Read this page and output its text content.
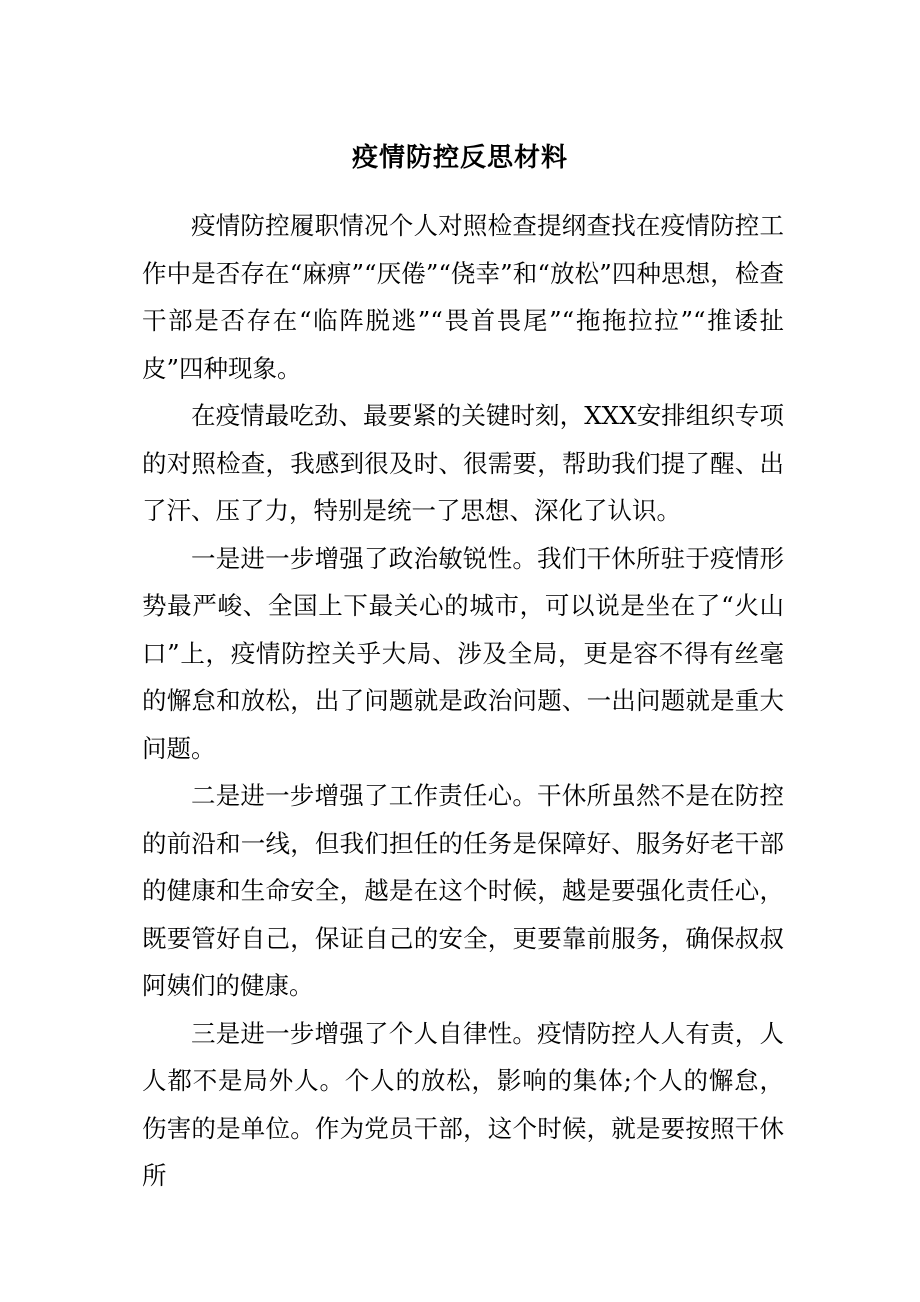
疫情防控反思材料

疫情防控履职情况个人对照检查提纲查找在疫情防控工作中是否存在“麻痹”“厌倦”“侥幸”和“放松”四种思想，检查干部是否存在“临阵脱逃”“畏首畏尾”“拖拖拉拉”“推诿扯皮”四种现象。

在疫情最吃劲、最要紧的关键时刻，XXX安排组织专项的对照检查，我感到很及时、很需要，帮助我们提了醒、出了汗、压了力，特别是统一了思想、深化了认识。

一是进一步增强了政治敏锐性。我们干休所驻于疫情形势最严峻、全国上下最关心的城市，可以说是坐在了“火山口”上，疫情防控关乎大局、涉及全局，更是容不得有丝毫的懈怠和放松，出了问题就是政治问题、一出问题就是重大问题。

二是进一步增强了工作责任心。干休所虽然不是在防控的前沿和一线，但我们担任的任务是保障好、服务好老干部的健康和生命安全，越是在这个时候，越是要强化责任心，既要管好自己，保证自己的安全，更要靠前服务，确保叔叔阿姨们的健康。

三是进一步增强了个人自律性。疫情防控人人有责，人人都不是局外人。个人的放松，影响的集体;个人的懈怠，伤害的是单位。作为党员干部，这个时候，就是要按照干休所
